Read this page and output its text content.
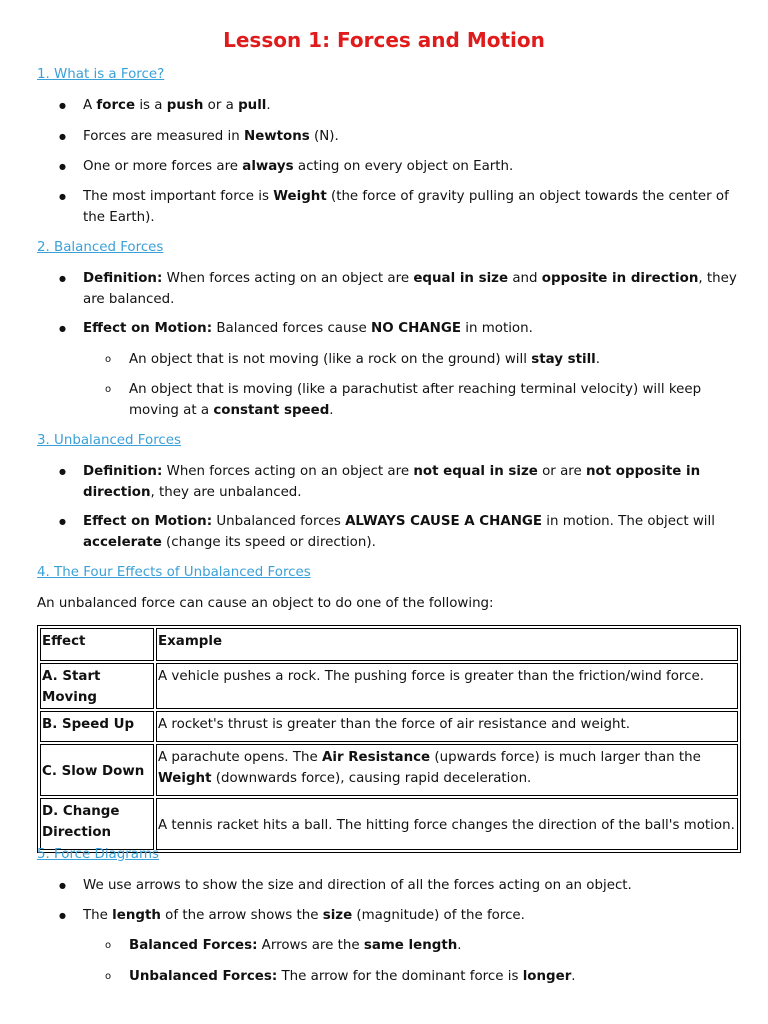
Lesson 1: Forces and Motion
1. What is a Force?
● A force is a push or a pull.
● Forces are measured in Newtons (N).
● One or more forces are always acting on every object on Earth.
● The most important force is Weight (the force of gravity pulling an object towards the center of the Earth).
2. Balanced Forces
● Definition: When forces acting on an object are equal in size and opposite in direction, they are balanced.
● Effect on Motion: Balanced forces cause NO CHANGE in motion.
o An object that is not moving (like a rock on the ground) will stay still.
o An object that is moving (like a parachutist after reaching terminal velocity) will keep moving at a constant speed.
3. Unbalanced Forces
● Definition: When forces acting on an object are not equal in size or are not opposite in direction, they are unbalanced.
● Effect on Motion: Unbalanced forces ALWAYS CAUSE A CHANGE in motion. The object will accelerate (change its speed or direction).
4. The Four Effects of Unbalanced Forces
An unbalanced force can cause an object to do one of the following:
Effect	Example
A. Start Moving	A vehicle pushes a rock. The pushing force is greater than the friction/wind force.
B. Speed Up	A rocket's thrust is greater than the force of air resistance and weight.
C. Slow Down	A parachute opens. The Air Resistance (upwards force) is much larger than the Weight (downwards force), causing rapid deceleration.
D. Change Direction	A tennis racket hits a ball. The hitting force changes the direction of the ball's motion.
5. Force Diagrams
● We use arrows to show the size and direction of all the forces acting on an object.
● The length of the arrow shows the size (magnitude) of the force.
o Balanced Forces: Arrows are the same length.
o Unbalanced Forces: The arrow for the dominant force is longer.
